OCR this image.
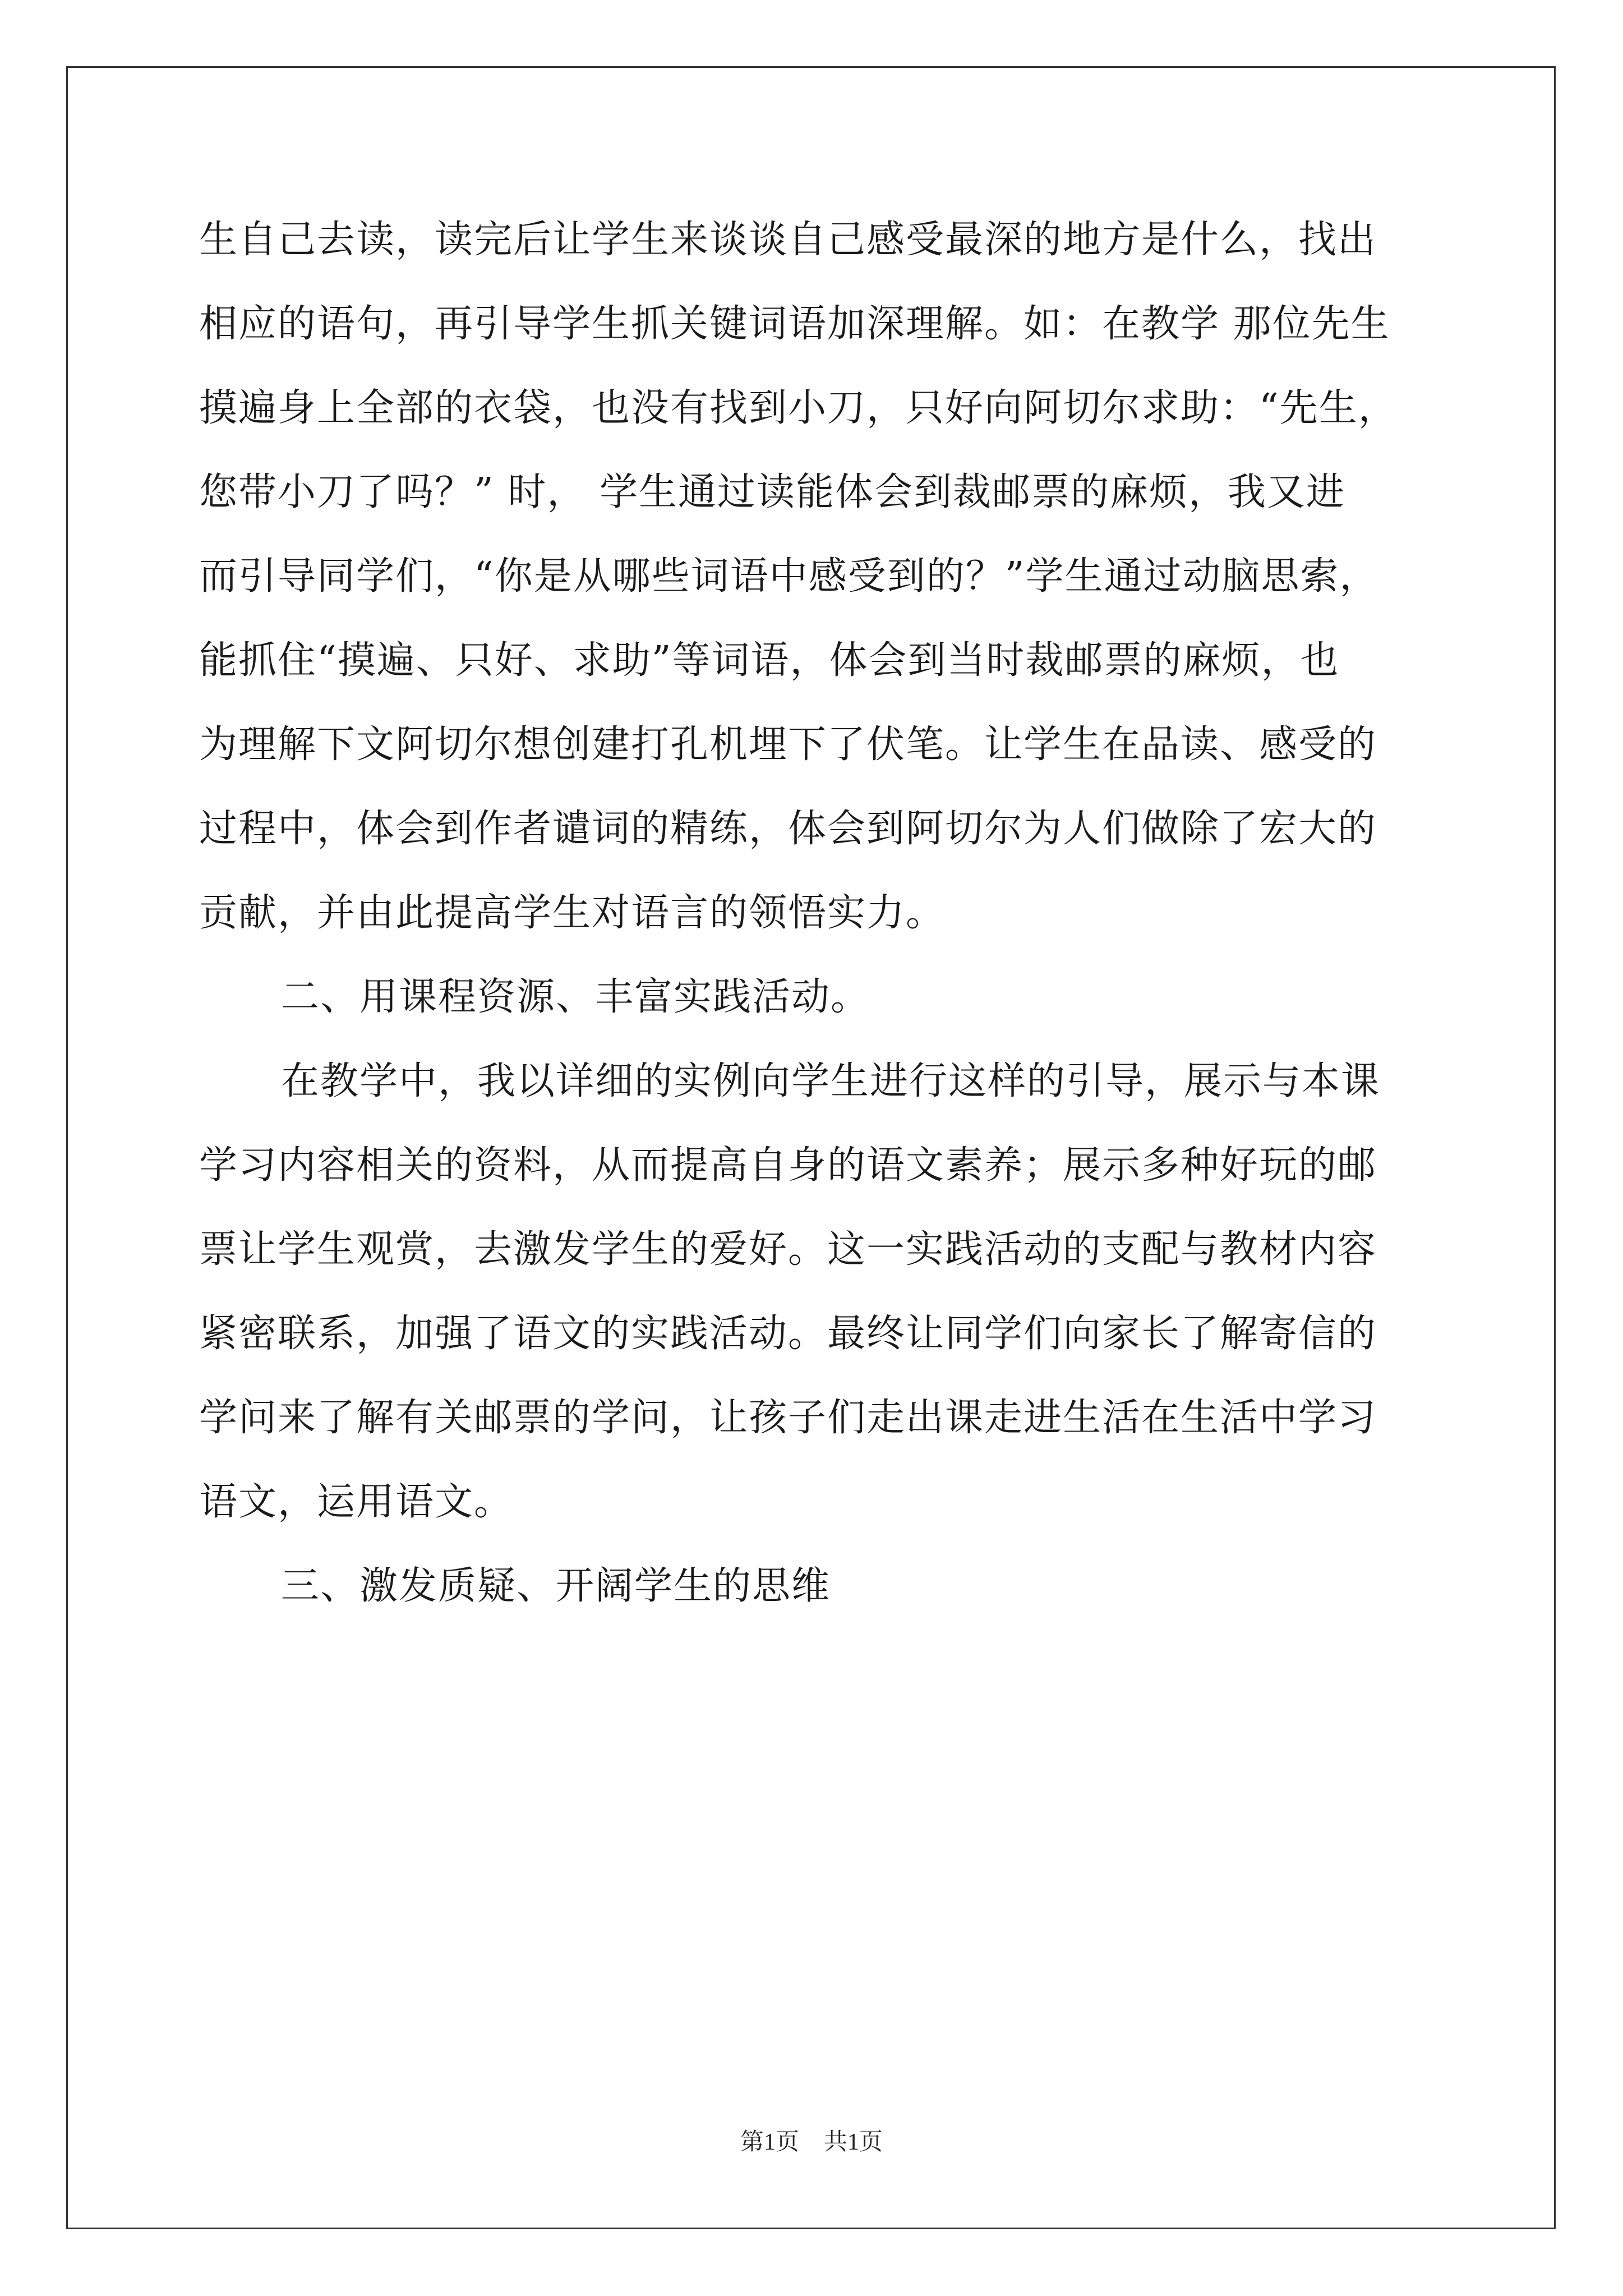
生自己去读，读完后让学生来谈谈自己感受最深的地方是什么，找出
相应的语句，再引导学生抓关键词语加深理解。如：在教学 那位先生
摸遍身上全部的衣袋，也没有找到小刀，只好向阿切尔求助：“先生，
您带小刀了吗？” 时， 学生通过读能体会到裁邮票的麻烦，我又进
而引导同学们，“你是从哪些词语中感受到的？”学生通过动脑思索，
能抓住“摸遍、只好、求助”等词语，体会到当时裁邮票的麻烦，也
为理解下文阿切尔想创建打孔机埋下了伏笔。让学生在品读、感受的
过程中，体会到作者谴词的精练，体会到阿切尔为人们做除了宏大的
贡献，并由此提高学生对语言的领悟实力。
二、用课程资源、丰富实践活动。
在教学中，我以详细的实例向学生进行这样的引导，展示与本课
学习内容相关的资料，从而提高自身的语文素养；展示多种好玩的邮
票让学生观赏，去激发学生的爱好。这一实践活动的支配与教材内容
紧密联系，加强了语文的实践活动。最终让同学们向家长了解寄信的
学问来了解有关邮票的学问，让孩子们走出课走进生活在生活中学习
语文，运用语文。
三、激发质疑、开阔学生的思维
第1页 共1页
